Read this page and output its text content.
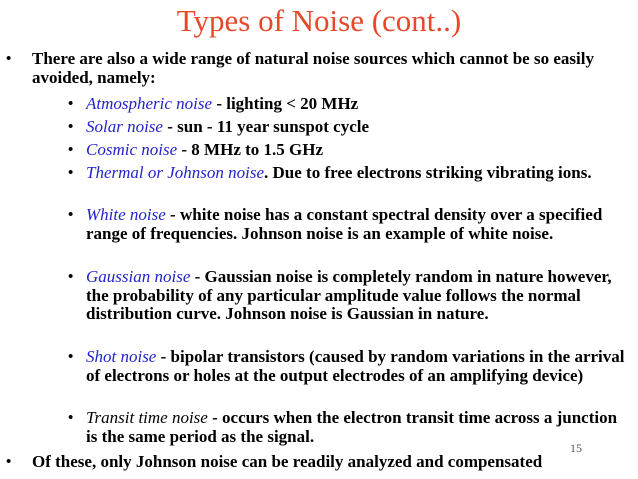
Types of Noise (cont..)
• There are also a wide range of natural noise sources which cannot be so easily avoided, namely:
• Atmospheric noise - lighting < 20 MHz
• Solar noise - sun - 11 year sunspot cycle
• Cosmic noise - 8 MHz to 1.5 GHz
• Thermal or Johnson noise. Due to free electrons striking vibrating ions.
• White noise - white noise has a constant spectral density over a specified range of frequencies. Johnson noise is an example of white noise.
• Gaussian noise - Gaussian noise is completely random in nature however, the probability of any particular amplitude value follows the normal distribution curve. Johnson noise is Gaussian in nature.
• Shot noise - bipolar transistors (caused by random variations in the arrival of electrons or holes at the output electrodes of an amplifying device)
• Transit time noise - occurs when the electron transit time across a junction is the same period as the signal.
15
• Of these, only Johnson noise can be readily analyzed and compensated
